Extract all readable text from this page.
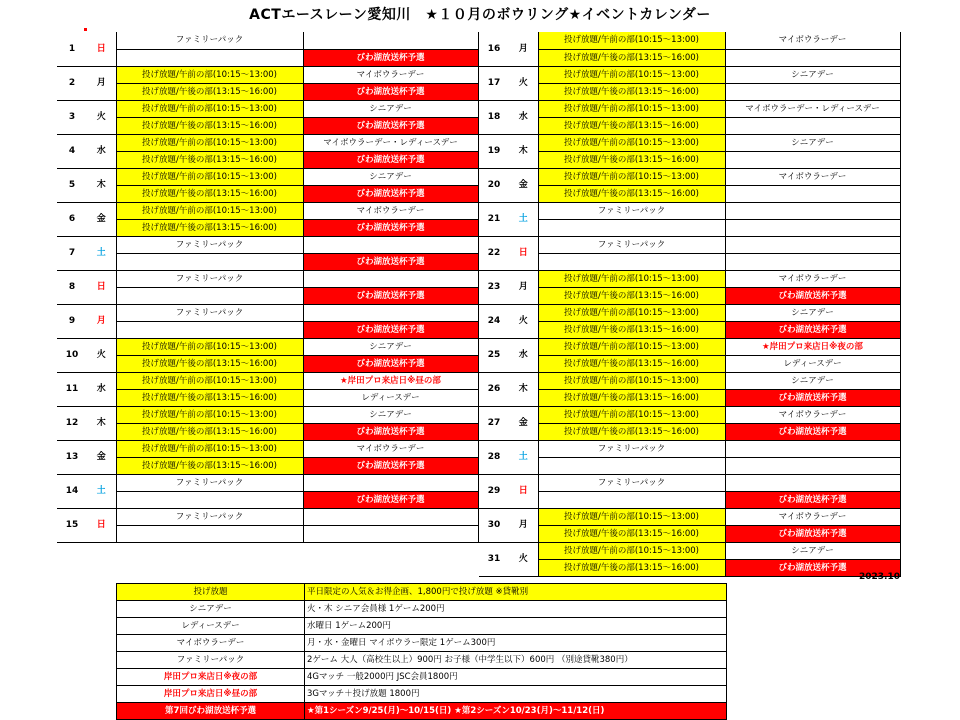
ACTエースレーン愛知川　★１０月のボウリング★イベントカレンダー
1	日	ファミリーパック	
			びわ湖放送杯予選
2	月	投げ放題/午前の部(10:15～13:00)	マイボウラーデー
		投げ放題/午後の部(13:15～16:00)	びわ湖放送杯予選
3	火	投げ放題/午前の部(10:15～13:00)	シニアデー
		投げ放題/午後の部(13:15～16:00)	びわ湖放送杯予選
4	水	投げ放題/午前の部(10:15～13:00)	マイボウラーデー・レディースデー
		投げ放題/午後の部(13:15～16:00)	びわ湖放送杯予選
5	木	投げ放題/午前の部(10:15～13:00)	シニアデー
		投げ放題/午後の部(13:15～16:00)	びわ湖放送杯予選
6	金	投げ放題/午前の部(10:15～13:00)	マイボウラーデー
		投げ放題/午後の部(13:15～16:00)	びわ湖放送杯予選
7	土	ファミリーパック	
			びわ湖放送杯予選
8	日	ファミリーパック	
			びわ湖放送杯予選
9	月	ファミリーパック	
			びわ湖放送杯予選
10	火	投げ放題/午前の部(10:15～13:00)	シニアデー
		投げ放題/午後の部(13:15～16:00)	びわ湖放送杯予選
11	水	投げ放題/午前の部(10:15～13:00)	★岸田プロ来店日※昼の部
		投げ放題/午後の部(13:15～16:00)	レディースデー
12	木	投げ放題/午前の部(10:15～13:00)	シニアデー
		投げ放題/午後の部(13:15～16:00)	びわ湖放送杯予選
13	金	投げ放題/午前の部(10:15～13:00)	マイボウラーデー
		投げ放題/午後の部(13:15～16:00)	びわ湖放送杯予選
14	土	ファミリーパック	
			びわ湖放送杯予選
15	日	ファミリーパック	

16	月	投げ放題/午前の部(10:15～13:00)	マイボウラーデー
		投げ放題/午後の部(13:15～16:00)	
17	火	投げ放題/午前の部(10:15～13:00)	シニアデー
		投げ放題/午後の部(13:15～16:00)	
18	水	投げ放題/午前の部(10:15～13:00)	マイボウラーデー・レディースデー
		投げ放題/午後の部(13:15～16:00)	
19	木	投げ放題/午前の部(10:15～13:00)	シニアデー
		投げ放題/午後の部(13:15～16:00)	
20	金	投げ放題/午前の部(10:15～13:00)	マイボウラーデー
		投げ放題/午後の部(13:15～16:00)	
21	土	ファミリーパック	

22	日	ファミリーパック	

23	月	投げ放題/午前の部(10:15～13:00)	マイボウラーデー
		投げ放題/午後の部(13:15～16:00)	びわ湖放送杯予選
24	火	投げ放題/午前の部(10:15～13:00)	シニアデー
		投げ放題/午後の部(13:15～16:00)	びわ湖放送杯予選
25	水	投げ放題/午前の部(10:15～13:00)	★岸田プロ来店日※夜の部
		投げ放題/午後の部(13:15～16:00)	レディースデー
26	木	投げ放題/午前の部(10:15～13:00)	シニアデー
		投げ放題/午後の部(13:15～16:00)	びわ湖放送杯予選
27	金	投げ放題/午前の部(10:15～13:00)	マイボウラーデー
		投げ放題/午後の部(13:15～16:00)	びわ湖放送杯予選
28	土	ファミリーパック	

29	日	ファミリーパック	
			びわ湖放送杯予選
30	月	投げ放題/午前の部(10:15～13:00)	マイボウラーデー
		投げ放題/午後の部(13:15～16:00)	びわ湖放送杯予選
31	火	投げ放題/午前の部(10:15～13:00)	シニアデー
		投げ放題/午後の部(13:15～16:00)	びわ湖放送杯予選
2023.10
投げ放題	平日限定の人気＆お得企画、1,800円で投げ放題 ※貸靴別
シニアデー	火・木 シニア会員様 1ゲーム200円
レディースデー	水曜日 1ゲーム200円
マイボウラーデー	月・水・金曜日 マイボウラー限定 1ゲーム300円
ファミリーパック	2ゲーム 大人（高校生以上）900円 お子様（中学生以下）600円 （別途貸靴380円）
岸田プロ来店日※夜の部	4Gマッチ 一般2000円 JSC会員1800円
岸田プロ来店日※昼の部	3Gマッチ＋投げ放題 1800円
第7回びわ湖放送杯予選	★第1シーズン9/25(月)～10/15(日) ★第2シーズン10/23(月)～11/12(日)
